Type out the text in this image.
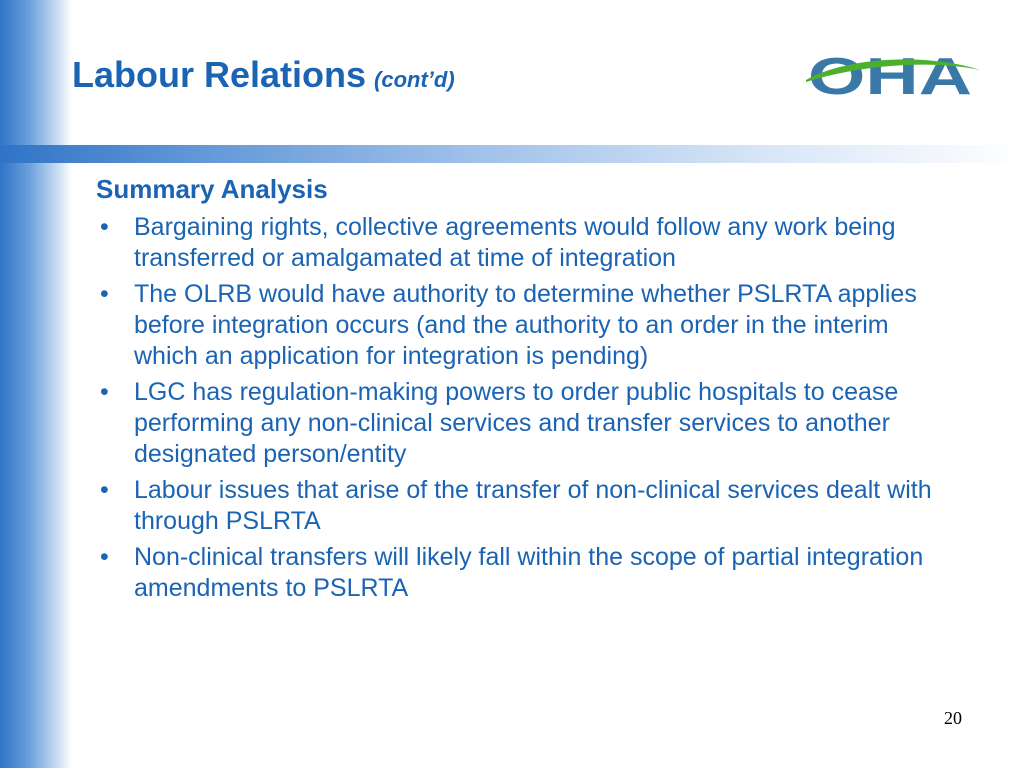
Labour Relations (cont’d)	OHA
Summary Analysis
• Bargaining rights, collective agreements would follow any work being transferred or amalgamated at time of integration
• The OLRB would have authority to determine whether PSLRTA applies before integration occurs (and the authority to an order in the interim which an application for integration is pending)
• LGC has regulation-making powers to order public hospitals to cease performing any non-clinical services and transfer services to another designated person/entity
• Labour issues that arise of the transfer of non-clinical services dealt with through PSLRTA
• Non-clinical transfers will likely fall within the scope of partial integration amendments to PSLRTA
20
